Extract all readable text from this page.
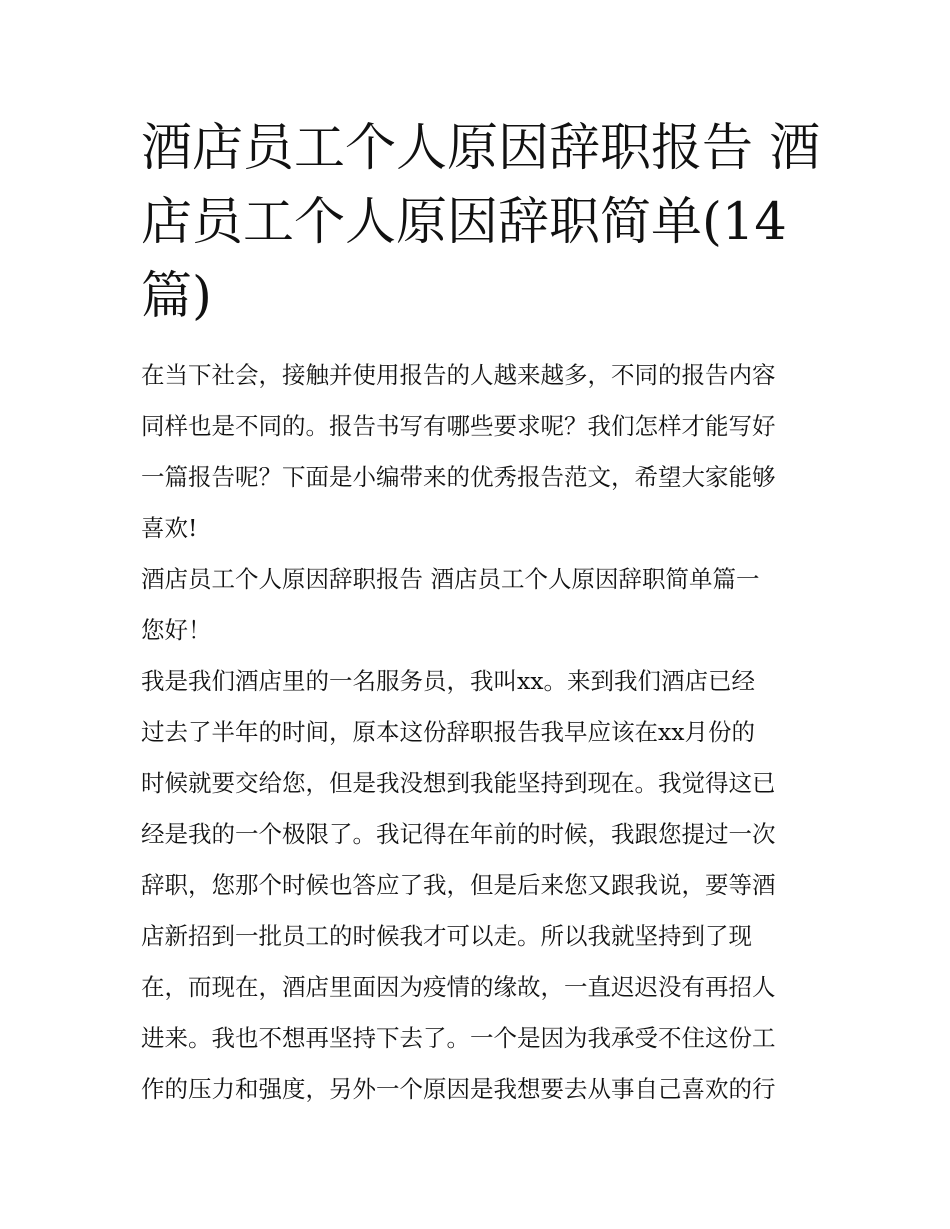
酒店员工个人原因辞职报告 酒
店员工个人原因辞职简单(14
篇)

在当下社会，接触并使用报告的人越来越多，不同的报告内容
同样也是不同的。报告书写有哪些要求呢？我们怎样才能写好
一篇报告呢？下面是小编带来的优秀报告范文，希望大家能够
喜欢!

酒店员工个人原因辞职报告 酒店员工个人原因辞职简单篇一

您好！

我是我们酒店里的一名服务员，我叫xx。来到我们酒店已经
过去了半年的时间，原本这份辞职报告我早应该在xx月份的
时候就要交给您，但是我没想到我能坚持到现在。我觉得这已
经是我的一个极限了。我记得在年前的时候，我跟您提过一次
辞职，您那个时候也答应了我，但是后来您又跟我说，要等酒
店新招到一批员工的时候我才可以走。所以我就坚持到了现
在，而现在，酒店里面因为疫情的缘故，一直迟迟没有再招人
进来。我也不想再坚持下去了。一个是因为我承受不住这份工
作的压力和强度，另外一个原因是我想要去从事自己喜欢的行
